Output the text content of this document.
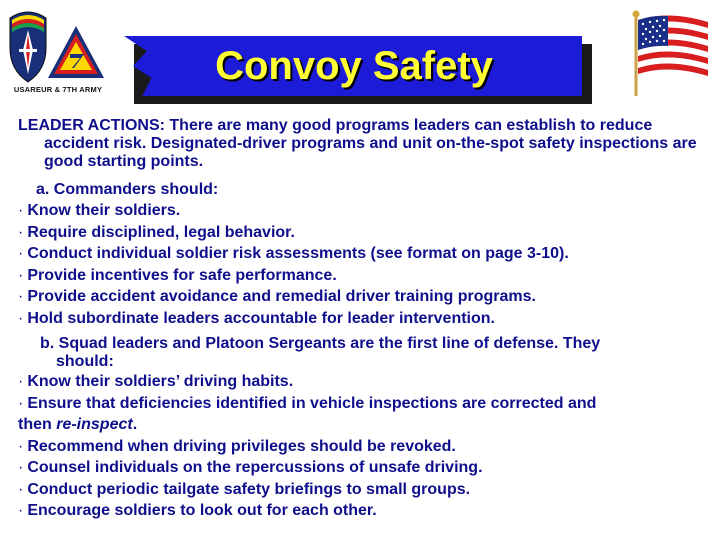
USAREUR & 7TH ARMY
Convoy Safety

LEADER ACTIONS: There are many good programs leaders can establish to reduce accident risk. Designated-driver programs and unit on-the-spot safety inspections are good starting points.

a. Commanders should:

· Know their soldiers.

· Require disciplined, legal behavior.

· Conduct individual soldier risk assessments (see format on page 3-10).

· Provide incentives for safe performance.

· Provide accident avoidance and remedial driver training programs.

· Hold subordinate leaders accountable for leader intervention.

b. Squad leaders and Platoon Sergeants are the first line of defense. They
should:

· Know their soldiers’ driving habits.

· Ensure that deficiencies identified in vehicle inspections are corrected and

then re-inspect.

· Recommend when driving privileges should be revoked.

· Counsel individuals on the repercussions of unsafe driving.

· Conduct periodic tailgate safety briefings to small groups.

· Encourage soldiers to look out for each other.
